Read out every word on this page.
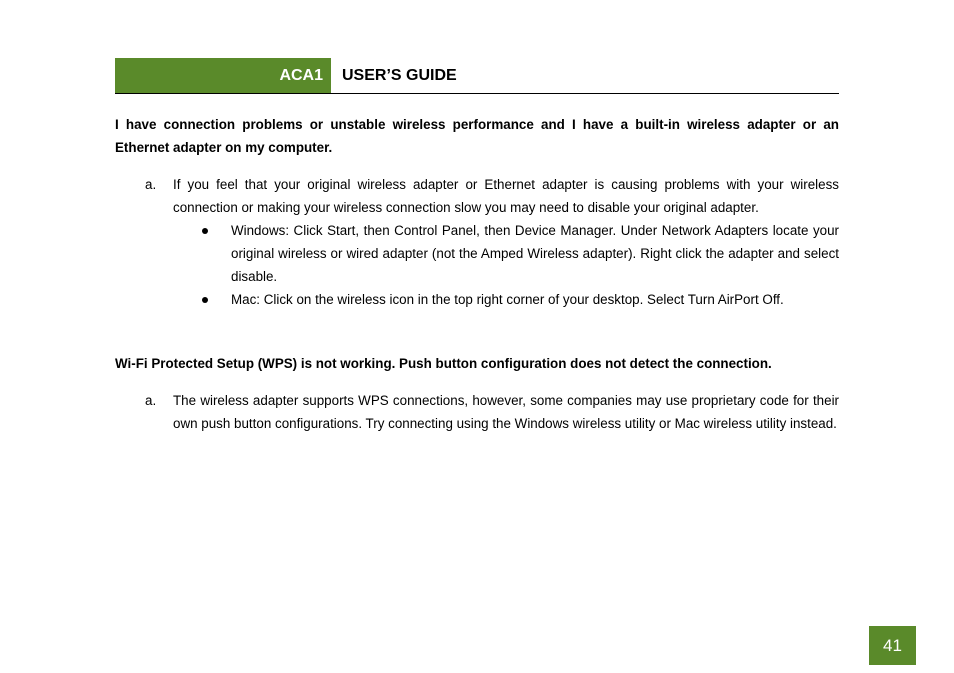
ACA1 USER’S GUIDE

I have connection problems or unstable wireless performance and I have a built-in wireless adapter or an Ethernet adapter on my computer.

a. If you feel that your original wireless adapter or Ethernet adapter is causing problems with your wireless connection or making your wireless connection slow you may need to disable your original adapter.
Windows: Click Start, then Control Panel, then Device Manager. Under Network Adapters locate your original wireless or wired adapter (not the Amped Wireless adapter). Right click the adapter and select disable.
Mac: Click on the wireless icon in the top right corner of your desktop. Select Turn AirPort Off.

Wi-Fi Protected Setup (WPS) is not working. Push button configuration does not detect the connection.

a. The wireless adapter supports WPS connections, however, some companies may use proprietary code for their own push button configurations. Try connecting using the Windows wireless utility or Mac wireless utility instead.
41
